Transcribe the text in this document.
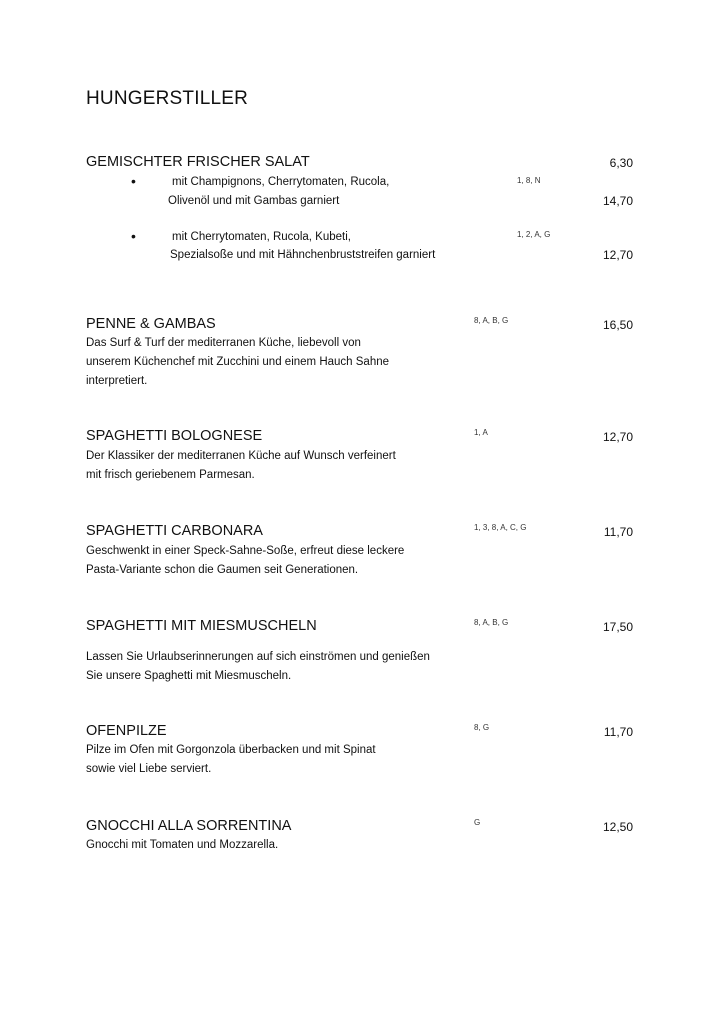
HUNGERSTILLER
GEMISCHTER FRISCHER SALAT	6,30
•	mit Champignons, Cherrytomaten, Rucola,
Olivenöl und mit Gambas garniert
1, 8, N
14,70
•	mit Cherrytomaten, Rucola, Kubeti,
Spezialsoße und mit Hähnchenbruststreifen garniert
1, 2, A, G
12,70
PENNE & GAMBAS	8, A, B, G	16,50
Das Surf & Turf der mediterranen Küche, liebevoll von
unserem Küchenchef mit Zucchini und einem Hauch Sahne
interpretiert.
SPAGHETTI BOLOGNESE	1, A	12,70
Der Klassiker der mediterranen Küche auf Wunsch verfeinert
mit frisch geriebenem Parmesan.
SPAGHETTI CARBONARA	1, 3, 8, A, C, G	11,70
Geschwenkt in einer Speck-Sahne-Soße, erfreut diese leckere
Pasta-Variante schon die Gaumen seit Generationen.
SPAGHETTI MIT MIESMUSCHELN	8, A, B, G	17,50
Lassen Sie Urlaubserinnerungen auf sich einströmen und genießen
Sie unsere Spaghetti mit Miesmuscheln.
OFENPILZE	8, G	11,70
Pilze im Ofen mit Gorgonzola überbacken und mit Spinat
sowie viel Liebe serviert.
GNOCCHI ALLA SORRENTINA	G	12,50
Gnocchi mit Tomaten und Mozzarella.
